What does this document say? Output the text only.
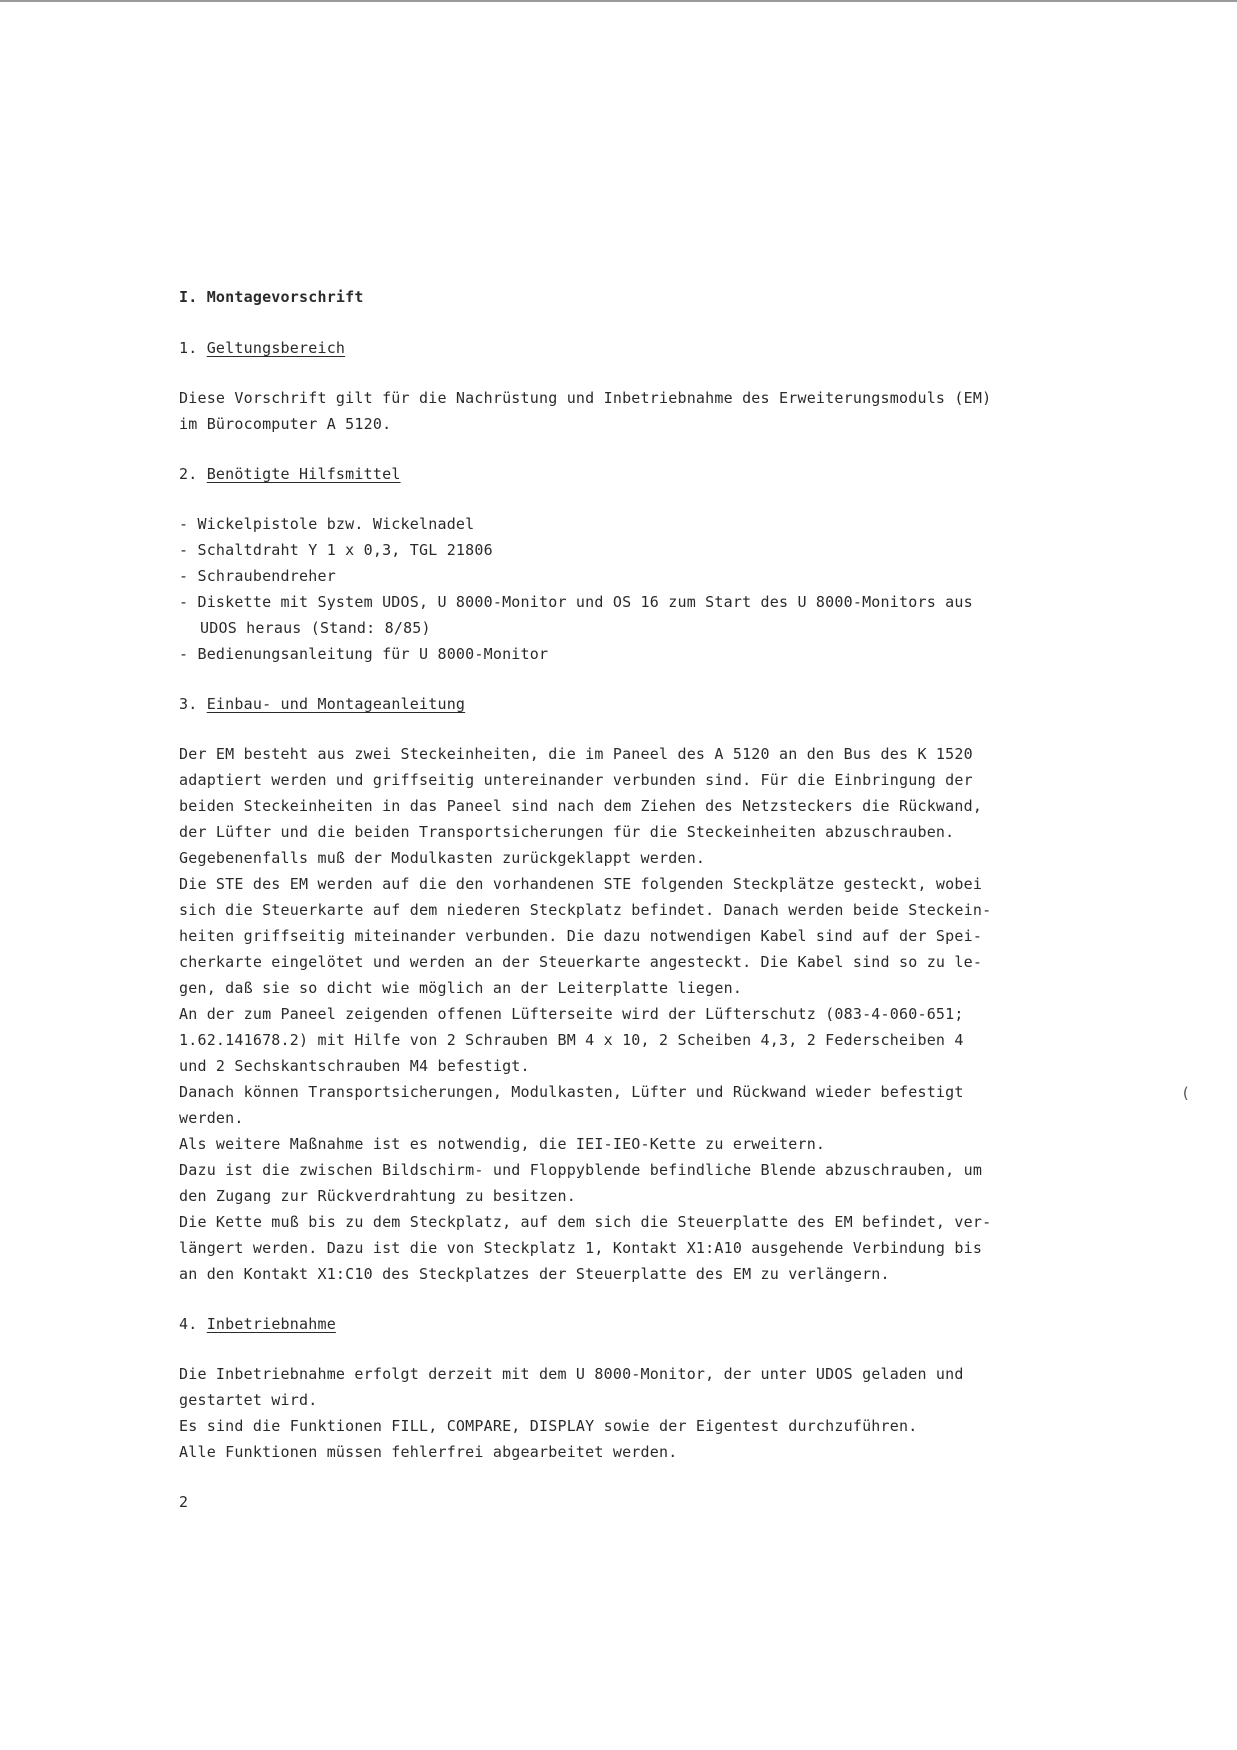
I. Montagevorschrift
1. Geltungsbereich
Diese Vorschrift gilt für die Nachrüstung und Inbetriebnahme des Erweiterungsmoduls (EM)
im Bürocomputer A 5120.
2. Benötigte Hilfsmittel
- Wickelpistole bzw. Wickelnadel
- Schaltdraht Y 1 x 0,3, TGL 21806
- Schraubendreher
- Diskette mit System UDOS, U 8000-Monitor und OS 16 zum Start des U 8000-Monitors aus
UDOS heraus (Stand: 8/85)
- Bedienungsanleitung für U 8000-Monitor
3. Einbau- und Montageanleitung
Der EM besteht aus zwei Steckeinheiten, die im Paneel des A 5120 an den Bus des K 1520
adaptiert werden und griffseitig untereinander verbunden sind. Für die Einbringung der
beiden Steckeinheiten in das Paneel sind nach dem Ziehen des Netzsteckers die Rückwand,
der Lüfter und die beiden Transportsicherungen für die Steckeinheiten abzuschrauben.
Gegebenenfalls muß der Modulkasten zurückgeklappt werden.
Die STE des EM werden auf die den vorhandenen STE folgenden Steckplätze gesteckt, wobei
sich die Steuerkarte auf dem niederen Steckplatz befindet. Danach werden beide Steckein-
heiten griffseitig miteinander verbunden. Die dazu notwendigen Kabel sind auf der Spei-
cherkarte eingelötet und werden an der Steuerkarte angesteckt. Die Kabel sind so zu le-
gen, daß sie so dicht wie möglich an der Leiterplatte liegen.
An der zum Paneel zeigenden offenen Lüfterseite wird der Lüfterschutz (083-4-060-651;
1.62.141678.2) mit Hilfe von 2 Schrauben BM 4 x 10, 2 Scheiben 4,3, 2 Federscheiben 4
und 2 Sechskantschrauben M4 befestigt.
Danach können Transportsicherungen, Modulkasten, Lüfter und Rückwand wieder befestigt
werden.
Als weitere Maßnahme ist es notwendig, die IEI-IEO-Kette zu erweitern.
Dazu ist die zwischen Bildschirm- und Floppyblende befindliche Blende abzuschrauben, um
den Zugang zur Rückverdrahtung zu besitzen.
Die Kette muß bis zu dem Steckplatz, auf dem sich die Steuerplatte des EM befindet, ver-
längert werden. Dazu ist die von Steckplatz 1, Kontakt X1:A10 ausgehende Verbindung bis
an den Kontakt X1:C10 des Steckplatzes der Steuerplatte des EM zu verlängern.
4. Inbetriebnahme
Die Inbetriebnahme erfolgt derzeit mit dem U 8000-Monitor, der unter UDOS geladen und
gestartet wird.
Es sind die Funktionen FILL, COMPARE, DISPLAY sowie der Eigentest durchzuführen.
Alle Funktionen müssen fehlerfrei abgearbeitet werden.
2
(
